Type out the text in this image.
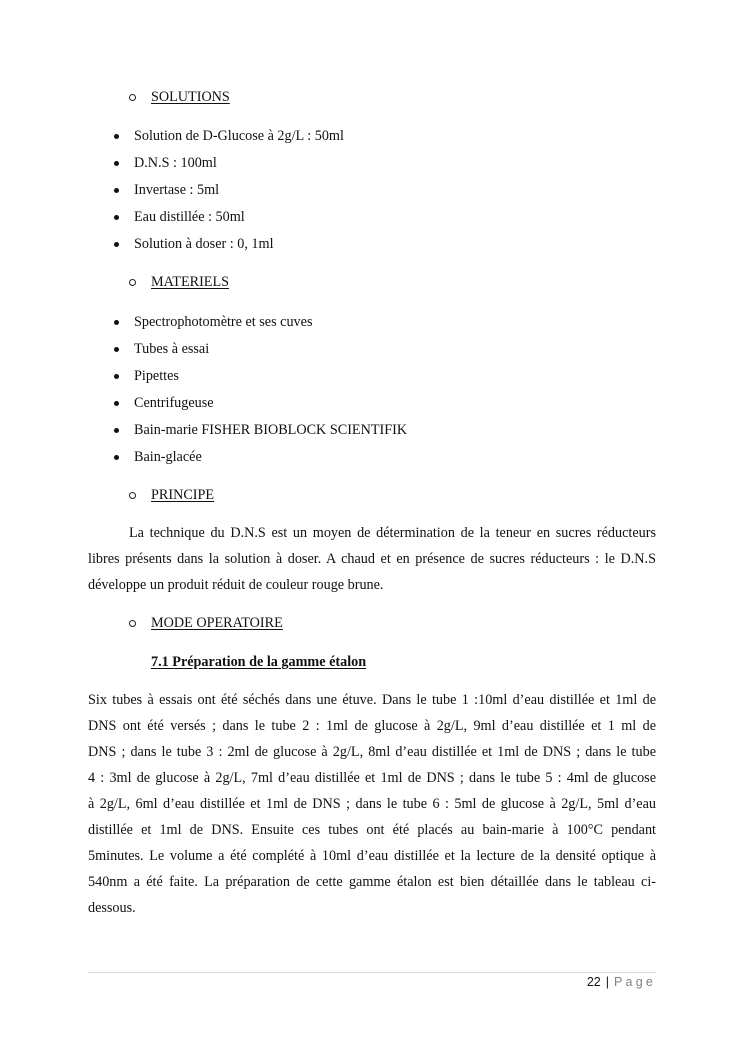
SOLUTIONS
Solution de D-Glucose à 2g/L : 50ml
D.N.S : 100ml
Invertase : 5ml
Eau distillée : 50ml
Solution à doser : 0, 1ml
MATERIELS
Spectrophotomètre et ses cuves
Tubes à essai
Pipettes
Centrifugeuse
Bain-marie FISHER BIOBLOCK SCIENTIFIK
Bain-glacée
PRINCIPE
La technique du D.N.S est un moyen de détermination de la teneur en sucres réducteurs
libres présents dans la solution à doser. A chaud et en présence de sucres réducteurs : le D.N.S
développe un produit réduit de couleur rouge brune.
MODE OPERATOIRE
7.1 Préparation de la gamme étalon
Six tubes à essais ont été séchés dans une étuve. Dans le tube 1 :10ml d’eau distillée et 1ml de
DNS ont été versés ; dans le tube 2 : 1ml de glucose à 2g/L, 9ml d’eau distillée et 1 ml de
DNS ; dans le tube 3 : 2ml de glucose à 2g/L, 8ml d’eau distillée et 1ml de DNS ; dans le tube
4 : 3ml de glucose à 2g/L, 7ml d’eau distillée et 1ml de DNS ; dans le tube 5 : 4ml de glucose
à 2g/L, 6ml d’eau distillée et 1ml de DNS ; dans le tube 6 : 5ml de glucose à 2g/L, 5ml d’eau
distillée et 1ml de DNS. Ensuite ces tubes ont été placés au bain-marie à 100°C pendant
5minutes. Le volume a été complété à 10ml d’eau distillée et la lecture de la densité optique à
540nm a été faite. La préparation de cette gamme étalon est bien détaillée dans le tableau ci-
dessous.
22 | Page
